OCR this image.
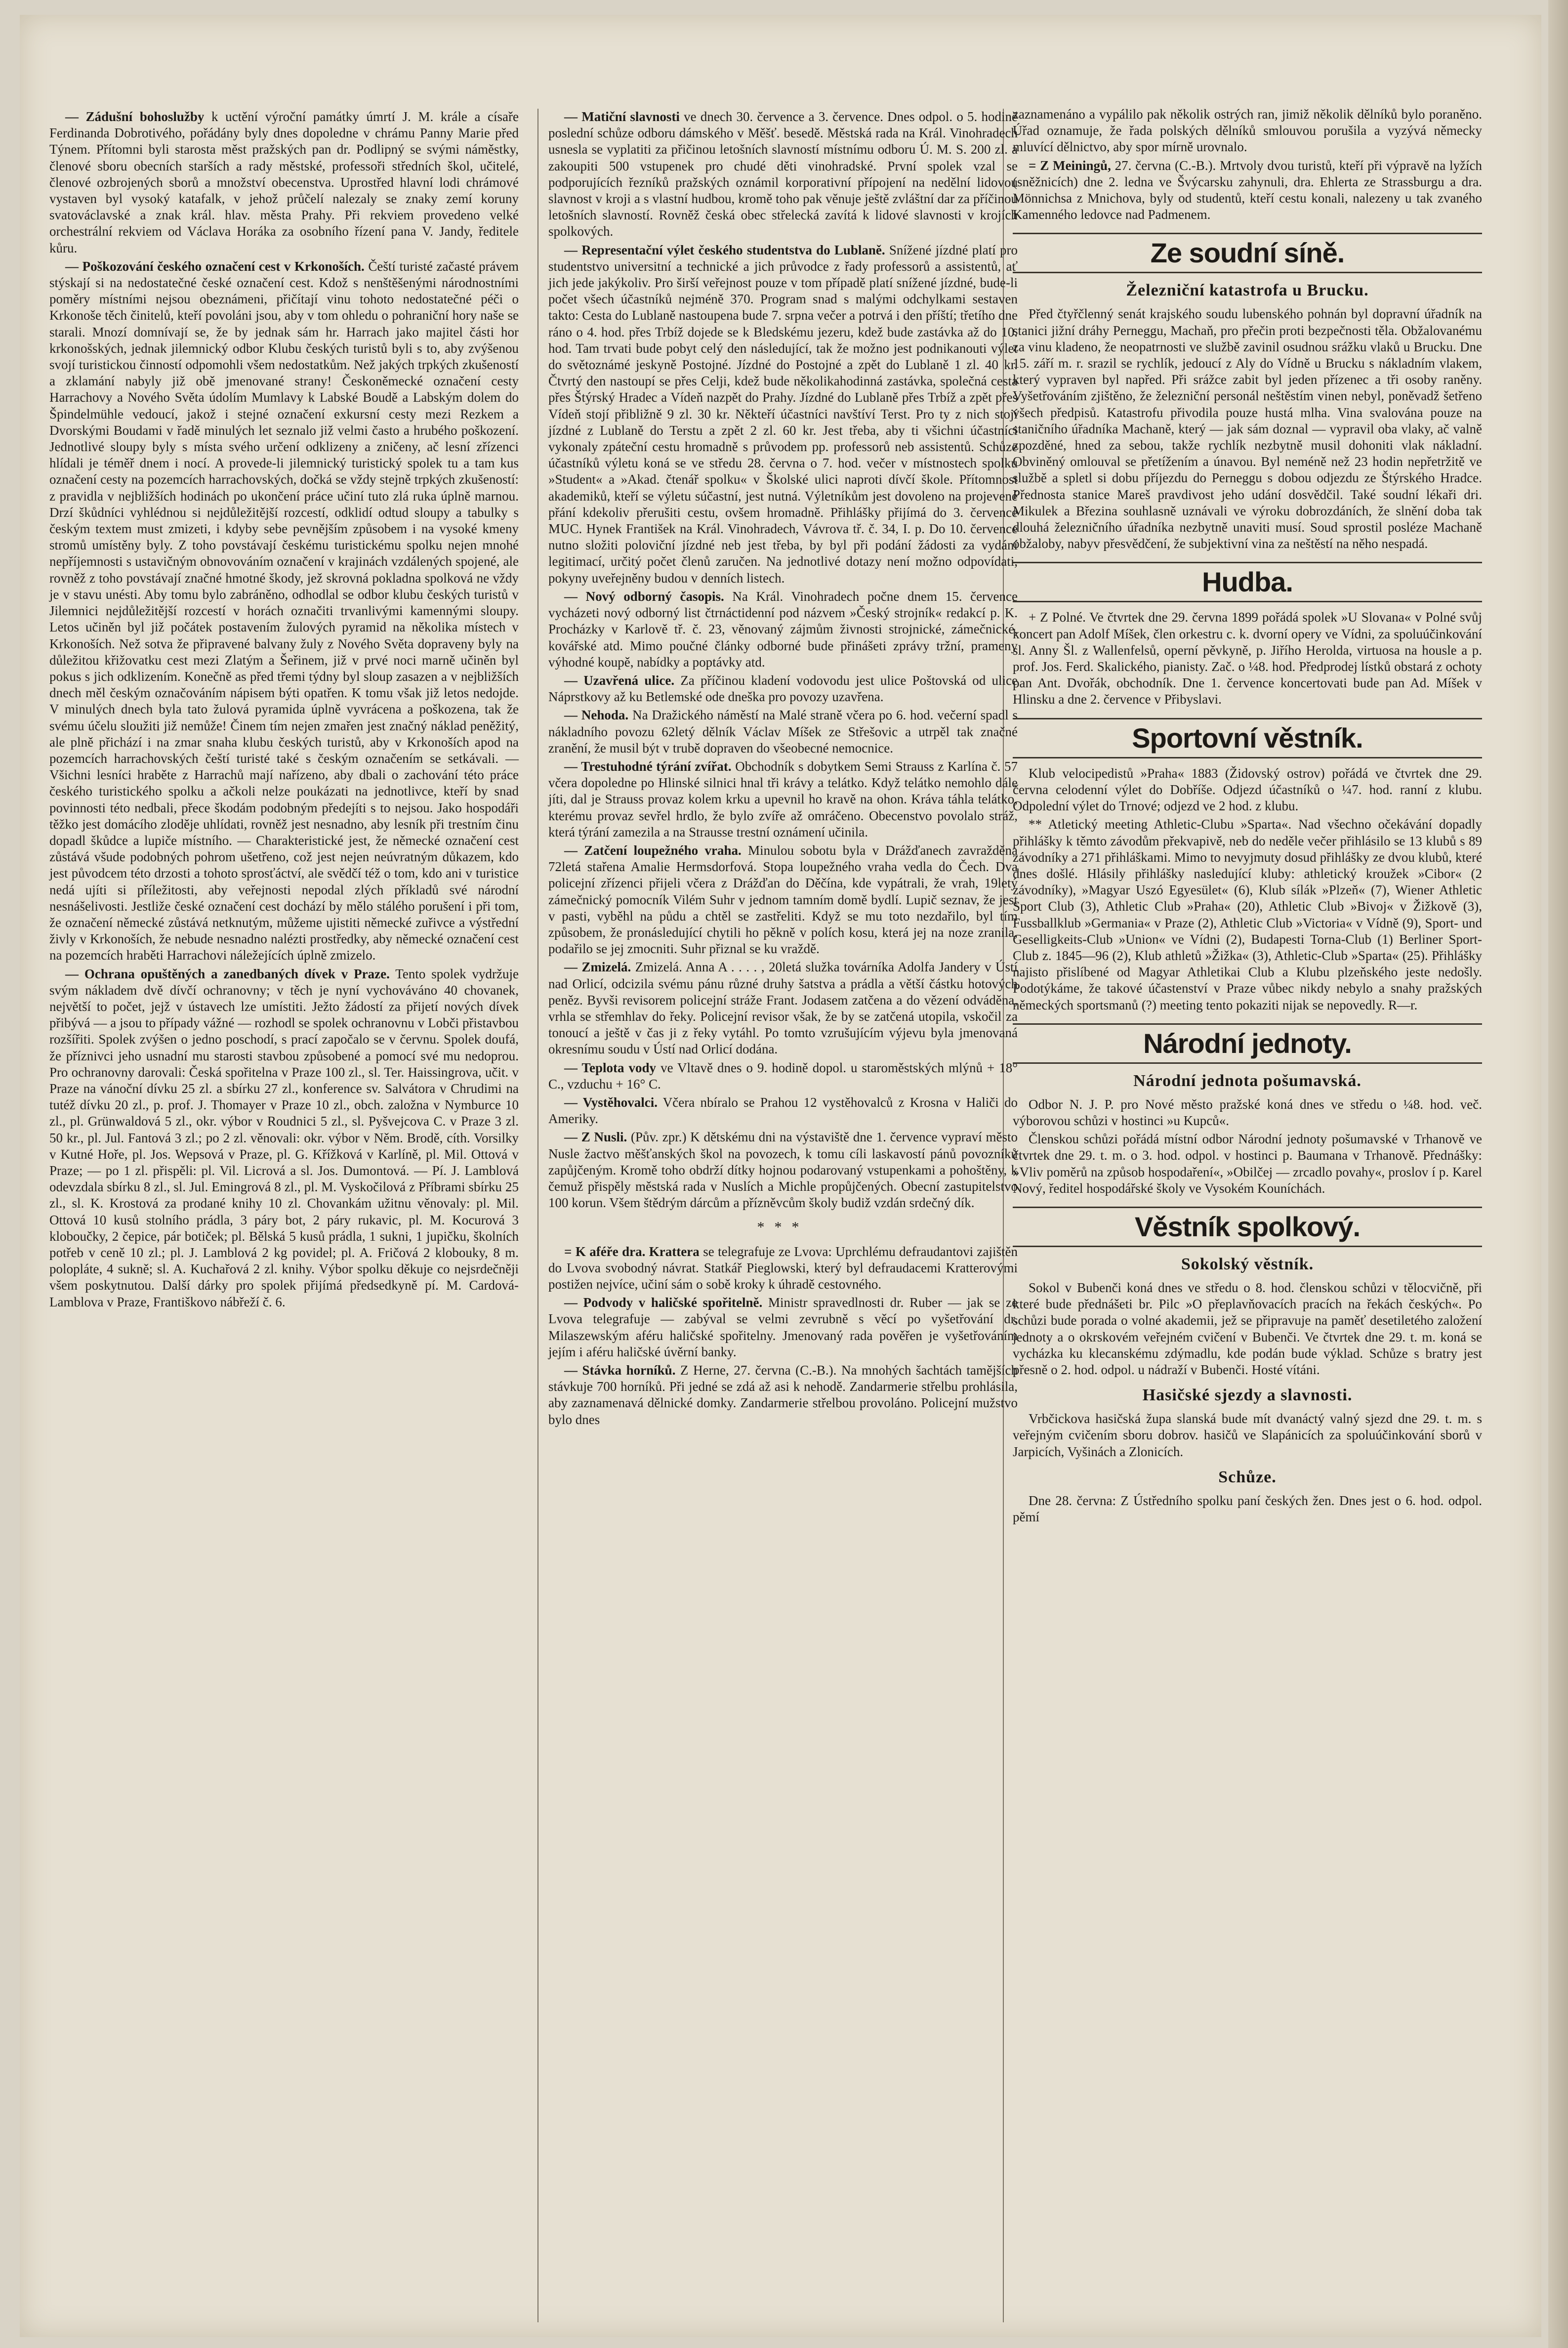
— Zádušní bohoslužby k uctění výroční památky úmrtí J. M. krále a císaře Ferdinanda Dobrotivého, pořádány byly dnes dopoledne v chrámu Panny Marie před Týnem. Přítomni byli starosta měst pražských pan dr. Podlipný se svými náměstky, členové sboru obecních starších a rady městské, professoři středních škol, učitelé, členové ozbrojených sborů a množství obecenstva. Uprostřed hlavní lodi chrámové vystaven byl vysoký katafalk, v jehož průčelí nalezaly se znaky zemí koruny svatováclavské a znak král. hlav. města Prahy. Při rekviem provedeno velké orchestrální rekviem od Václava Horáka za osobního řízení pana V. Jandy, ředitele kůru.

— Poškozování českého označení cest v Krkonoších. Čeští turisté začasté právem stýskají si na nedostatečné české označení cest. Kdož s nenštěšenými národnostními poměry místními nejsou obeznámeni, přičítají vinu tohoto nedostatečné péči o Krkonoše těch činitelů, kteří povoláni jsou, aby v tom ohledu o pohraniční hory naše se starali. Mnozí domnívají se, že by jednak sám hr. Harrach jako majitel části hor krkonošských, jednak jilemnický odbor Klubu českých turistů byli s to, aby zvýšenou svojí turistickou činností odpomohli všem nedostatkům. Než jakých trpkých zkušeností a zklamání nabyly již obě jmenované strany! Českoněmecké označení cesty Harrachovy a Nového Světa údolím Mumlavy k Labské Boudě a Labským dolem do Špindelmühle vedoucí, jakož i stejné označení exkursní cesty mezi Rezkem a Dvorskými Boudami v řadě minulých let seznalo již velmi často a hrubého poškození. Jednotlivé sloupy byly s místa svého určení odklizeny a zničeny, ač lesní zřízenci hlídali je téměř dnem i nocí. A provede-li jilemnický turistický spolek tu a tam kus označení cesty na pozemcích harrachovských, dočká se vždy stejně trpkých zkušeností: z pravidla v nejbližších hodinách po ukončení práce učiní tuto zlá ruka úplně marnou. Drzí škůdníci vyhlédnou si nejdůležitější rozcestí, odklidí odtud sloupy a tabulky s českým textem must zmizeti, i kdyby sebe pevnějším způsobem i na vysoké kmeny stromů umístěny byly. Z toho povstávají českému turistickému spolku nejen mnohé nepříjemnosti s ustavičným obnovováním označení v krajinách vzdálených spojené, ale rovněž z toho povstávají značné hmotné škody, jež skrovná pokladna spolková ne vždy je v stavu unésti. Aby tomu bylo zabráněno, odhodlal se odbor klubu českých turistů v Jilemnici nejdůležitější rozcestí v horách označiti trvanlivými kamennými sloupy. Letos učiněn byl již počátek postavením žulových pyramid na několika místech v Krkonoších. Než sotva že připravené balvany žuly z Nového Světa dopraveny byly na důležitou křižovatku cest mezi Zlatým a Šeřinem, již v prvé noci marně učiněn byl pokus s jich odklizením. Konečně as před třemi týdny byl sloup zasazen a v nejbližších dnech měl českým označováním nápisem býti opatřen. K tomu však již letos nedojde. V minulých dnech byla tato žulová pyramida úplně vyvrácena a poškozena, tak že svému účelu sloužiti již nemůže! Činem tím nejen zmařen jest značný náklad peněžitý, ale plně přichází i na zmar snaha klubu českých turistů, aby v Krkonoších apod na pozemcích harrachovských čeští turisté také s českým označením se setkávali. — Všichni lesníci hraběte z Harrachů mají nařízeno, aby dbali o zachování této práce českého turistického spolku a ačkoli nelze poukázati na jednotlivce, kteří by snad povinnosti této nedbali, přece škodám podobným předejíti s to nejsou. Jako hospodáři těžko jest domácího zloděje uhlídati, rovněž jest nesnadno, aby lesník při trestním činu dopadl škůdce a lupiče místního. — Charakteristické jest, že německé označení cest zůstává všude podobných pohrom ušetřeno, což jest nejen neúvratným důkazem, kdo jest původcem této drzosti a tohoto sprosťáctví, ale svědčí též o tom, kdo ani v turistice nedá ujíti si příležitosti, aby veřejnosti nepodal zlých příkladů své národní nesnášelivosti. Jestliže české označení cest dochází by mělo stálého porušení i při tom, že označení německé zůstává netknutým, můžeme ujistiti německé zuřivce a výstřední živly v Krkonoších, že nebude nesnadno nalézti prostředky, aby německé označení cest na pozemcích hraběti Harrachovi náležejících úplně zmizelo.

— Ochrana opuštěných a zanedbaných dívek v Praze. Tento spolek vydržuje svým nákladem dvě dívčí ochranovny; v těch je nyní vychováváno 40 chovanek, největší to počet, jejž v ústavech lze umístiti. Ježto žádostí za přijetí nových dívek přibývá — a jsou to případy vážné — rozhodl se spolek ochranovnu v Lobči přistavbou rozšířiti. Spolek zvýšen o jedno poschodí, s prací započalo se v červnu. Spolek doufá, že příznivci jeho usnadní mu starosti stavbou způsobené a pomocí své mu nedoprou. Pro ochranovny darovali: Česká spořitelna v Praze 100 zl., sl. Ter. Haissingrova, učit. v Praze na vánoční dívku 25 zl. a sbírku 27 zl., konference sv. Salvátora v Chrudimi na tutéž dívku 20 zl., p. prof. J. Thomayer v Praze 10 zl., obch. založna v Nymburce 10 zl., pl. Grünwaldová 5 zl., okr. výbor v Roudnici 5 zl., sl. Pyšvejcova C. v Praze 3 zl. 50 kr., pl. Jul. Fantová 3 zl.; po 2 zl. věnovali: okr. výbor v Něm. Brodě, cíth. Vorsilky v Kutné Hoře, pl. Jos. Wepsová v Praze, pl. G. Křížková v Karlíně, pl. Mil. Ottová v Praze; — po 1 zl. přispěli: pl. Vil. Licrová a sl. Jos. Dumontová. — Pí. J. Lamblová odevzdala sbírku 8 zl., sl. Jul. Emingrová 8 zl., pl. M. Vyskočilová z Příbrami sbírku 25 zl., sl. K. Krostová za prodané knihy 10 zl. Chovankám užitnu věnovaly: pl. Mil. Ottová 10 kusů stolního prádla, 3 páry bot, 2 páry rukavic, pl. M. Kocurová 3 kloboučky, 2 čepice, pár botiček; pl. Bělská 5 kusů prádla, 1 sukni, 1 jupičku, školních potřeb v ceně 10 zl.; pl. J. Lamblová 2 kg povidel; pl. A. Fričová 2 klobouky, 8 m. polopláte, 4 sukně; sl. A. Kuchařová 2 zl. knihy. Výbor spolku děkuje co nejsrdečněji všem poskytnutou. Další dárky pro spolek přijímá předsedkyně pí. M. Cardová-Lamblova v Praze, Františkovo nábřeží č. 6.

— Matiční slavnosti ve dnech 30. července a 3. července. Dnes odpol. o 5. hodině poslední schůze odboru dámského v Měšť. besedě. Městská rada na Král. Vinohradech usnesla se vyplatiti za přičinou letošních slavností místnímu odboru Ú. M. S. 200 zl. a zakoupiti 500 vstupenek pro chudé děti vinohradské. První spolek vzal se podporujících řezníků pražských oznámil korporativní přípojení na nedělní lidovou slavnost v kroji a s vlastní hudbou, kromě toho pak věnuje ještě zvláštní dar za příčinou letošních slavností. Rovněž česká obec střelecká zavítá k lidové slavnosti v krojích spolkových.

— Representační výlet českého studentstva do Lublaně. Snížené jízdné platí pro studentstvo universitní a technické a jich průvodce z řady professorů a assistentů, ať jich jede jakýkoliv. Pro širší veřejnost pouze v tom případě platí snížené jízdné, bude-li počet všech účastníků nejméně 370. Program snad s malými odchylkami sestaven takto: Cesta do Lublaně nastoupena bude 7. srpna večer a potrvá i den příští; třetího dne ráno o 4. hod. přes Trbíž dojede se k Bledskému jezeru, kdež bude zastávka až do 10. hod. Tam trvati bude pobyt celý den následující, tak že možno jest podnikanouti výlet do světoznámé jeskyně Postojné. Jízdné do Postojné a zpět do Lublaně 1 zl. 40 kr. Čtvrtý den nastoupí se přes Celji, kdež bude několikahodinná zastávka, společná cesta přes Štýrský Hradec a Vídeň nazpět do Prahy. Jízdné do Lublaně přes Trbíž a zpět přes Vídeň stojí přibližně 9 zl. 30 kr. Někteří účastníci navštíví Terst. Pro ty z nich stojí jízdné z Lublaně do Terstu a zpět 2 zl. 60 kr. Jest třeba, aby ti všichni účastníci vykonaly zpáteční cestu hromadně s průvodem pp. professorů neb assistentů. Schůze účastníků výletu koná se ve středu 28. června o 7. hod. večer v místnostech spolku »Student« a »Akad. čtenář spolku« v Školské ulici naproti dívčí škole. Přítomnost akademiků, kteří se výletu súčastní, jest nutná. Výletníkům jest dovoleno na projevené přání kdekoliv přerušiti cestu, ovšem hromadně. Přihlášky přijímá do 3. července MUC. Hynek František na Král. Vinohradech, Vávrova tř. č. 34, I. p. Do 10. července nutno složiti poloviční jízdné neb jest třeba, by byl při podání žádosti za vydání legitimací, určitý počet členů zaručen. Na jednotlivé dotazy není možno odpovídati, pokyny uveřejněny budou v denních listech.

— Nový odborný časopis. Na Král. Vinohradech počne dnem 15. července vycházeti nový odborný list čtrnáctidenní pod názvem »Český strojník« redakcí p. K. Procházky v Karlově tř. č. 23, věnovaný zájmům živnosti strojnické, zámečnické, kovářské atd. Mimo poučné články odborné bude přinášeti zprávy tržní, prameny výhodné koupě, nabídky a poptávky atd.

— Uzavřená ulice. Za příčinou kladení vodovodu jest ulice Poštovská od ulice Náprstkovy až ku Betlemské ode dneška pro povozy uzavřena.

— Nehoda. Na Dražického náměstí na Malé straně včera po 6. hod. večerní spadl s nákladního povozu 62letý dělník Václav Míšek ze Střešovic a utrpěl tak značné zranění, že musil být v trubě dopraven do všeobecné nemocnice.

— Trestuhodné týrání zvířat. Obchodník s dobytkem Semi Strauss z Karlína č. 57 včera dopoledne po Hlinské silnici hnal tři krávy a telátko. Když telátko nemohlo dále jíti, dal je Strauss provaz kolem krku a upevnil ho kravě na ohon. Kráva táhla telátko, kterému provaz sevřel hrdlo, že bylo zvíře až omráčeno. Obecenstvo povolalo stráž, která týrání zamezila a na Strausse trestní oznámení učinila.

— Zatčení loupežného vraha. Minulou sobotu byla v Drážďanech zavražděna 72letá stařena Amalie Hermsdorfová. Stopa loupežného vraha vedla do Čech. Dva policejní zřízenci přijeli včera z Drážďan do Děčína, kde vypátrali, že vrah, 19letý zámečnický pomocník Vilém Suhr v jednom tamním domě bydlí. Lupič seznav, že jest v pasti, vyběhl na půdu a chtěl se zastřeliti. Když se mu toto nezdařilo, byl tím způsobem, že pronásledující chytili ho pěkně v polích kosu, která jej na noze zranila, podařilo se jej zmocniti. Suhr přiznal se ku vraždě.

— Zmizelá. Zmizelá. Anna A . . . . , 20letá služka továrníka Adolfa Jandery v Ústí nad Orlicí, odcizila svému pánu různé druhy šatstva a prádla a větší částku hotových peněz. Byvši revisorem policejní stráže Frant. Jodasem zatčena a do vězení odváděna, vrhla se střemhlav do řeky. Policejní revisor však, že by se zatčená utopila, vskočil za tonoucí a ještě v čas ji z řeky vytáhl. Po tomto vzrušujícím výjevu byla jmenovaná okresnímu soudu v Ústí nad Orlicí dodána.

— Teplota vody ve Vltavě dnes o 9. hodině dopol. u staroměstských mlýnů + 18° C., vzduchu + 16° C.

— Vystěhovalci. Včera nbíralo se Prahou 12 vystěhovalců z Krosna v Haliči do Ameriky.

— Z Nusli. (Pův. zpr.) K dětskému dni na výstaviště dne 1. července vypraví město Nusle žactvo měšťanských škol na povozech, k tomu cíli laskavostí pánů povozníků zapůjčeným. Kromě toho obdrží dítky hojnou podarovaný vstupenkami a pohoštěny, k čemuž přispěly městská rada v Nuslích a Michle propůjčených. Obecní zastupitelstvo 100 korun. Všem štědrým dárcům a přízněvcům školy budiž vzdán srdečný dík.

***

= K aféře dra. Krattera se telegrafuje ze Lvova: Uprchlému defraudantovi zajištěn do Lvova svobodný návrat. Statkář Pieglowski, který byl defraudacemi Kratterovými postižen nejvíce, učiní sám o sobě kroky k úhradě cestovného.

— Podvody v haličské spořitelně. Ministr spravedlnosti dr. Ruber — jak se ze Lvova telegrafuje — zabýval se velmi zevrubně s věcí po vyšetřování dr. Milaszewským aféru haličské spořitelny. Jmenovaný rada pověřen je vyšetřováním jejím i aféru haličské úvěrní banky.

— Stávka horníků. Z Herne, 27. června (C.-B.). Na mnohých šachtách tamějších stávkuje 700 horníků. Při jedné se zdá až asi k nehodě. Zandarmerie střelbu prohlásila, aby zaznamenavá dělnické domky. Zandarmerie střelbou provoláno. Policejní mužstvo bylo dnes

zaznamenáno a vypálilo pak několik ostrých ran, jimiž několik dělníků bylo poraněno. Úřad oznamuje, že řada polských dělníků smlouvou porušila a vyzývá německy mluvící dělnictvo, aby spor mírně urovnalo.

= Z Meiningů, 27. června (C.-B.). Mrtvoly dvou turistů, kteří při výpravě na lyžích (sněžnicích) dne 2. ledna ve Švýcarsku zahynuli, dra. Ehlerta ze Strassburgu a dra. Mönnichsa z Mnichova, byly od studentů, kteří cestu konali, nalezeny u tak zvaného Kamenného ledovce nad Padmenem.

Ze soudní síně.
Železniční katastrofa u Brucku.

Před čtyřčlenný senát krajského soudu lubenského pohnán byl dopravní úřadník na stanici jižní dráhy Perneggu, Machaň, pro přečin proti bezpečnosti těla. Obžalovanému za vinu kladeno, že neopatrnosti ve službě zavinil osudnou srážku vlaků u Brucku. Dne 15. září m. r. srazil se rychlík, jedoucí z Aly do Vídně u Brucku s nákladním vlakem, který vypraven byl napřed. Při srážce zabit byl jeden přízenec a tři osoby raněny. Vyšetřováním zjištěno, že železniční personál neštěstím vinen nebyl, poněvadž šetřeno všech předpisů. Katastrofu přivodila pouze hustá mlha. Vina svalována pouze na staničního úřadníka Machaně, který — jak sám doznal — vypravil oba vlaky, ač valně zpozděné, hned za sebou, takže rychlík nezbytně musil dohoniti vlak nákladní. Obviněný omlouval se přetížením a únavou. Byl neméně než 23 hodin nepřetržitě ve službě a spletl si dobu příjezdu do Perneggu s dobou odjezdu ze Štýrského Hradce. Přednosta stanice Mareš pravdivost jeho udání dosvědčil. Také soudní lékaři dri. Mikulek a Březina souhlasně uznávali ve výroku dobrozdáních, že slnění doba tak dlouhá železničního úřadníka nezbytně unaviti musí. Soud sprostil posléze Machaně obžaloby, nabyv přesvědčení, že subjektivní vina za neštěstí na něho nespadá.

Hudba.

+ Z Polné. Ve čtvrtek dne 29. června 1899 pořádá spolek »U Slovana« v Polné svůj koncert pan Adolf Míšek, člen orkestru c. k. dvorní opery ve Vídni, za spoluúčinkování sl. Anny Šl. z Wallenfelsů, operní pěvkyně, p. Jiřího Herolda, virtuosa na housle a p. prof. Jos. Ferd. Skalického, pianisty. Zač. o ¼8. hod. Předprodej lístků obstará z ochoty pan Ant. Dvořák, obchodník. Dne 1. července koncertovati bude pan Ad. Míšek v Hlinsku a dne 2. července v Přibyslavi.

Sportovní věstník.

Klub velocipedistů »Praha« 1883 (Židovský ostrov) pořádá ve čtvrtek dne 29. června celodenní výlet do Dobříše. Odjezd účastníků o ¼7. hod. ranní z klubu. Odpolední výlet do Trnové; odjezd ve 2 hod. z klubu.

** Atletický meeting Athletic-Clubu »Sparta«. Nad všechno očekávání dopadly přihlášky k těmto závodům překvapivě, neb do neděle večer přihlásilo se 13 klubů s 89 závodníky a 271 přihláškami. Mimo to nevyjmuty dosud přihlášky ze dvou klubů, které dnes došlé. Hlásily přihlášky nasledující kluby: athletický kroužek »Cibor« (2 závodníky), »Magyar Uszó Egyesület« (6), Klub sílák »Plzeň« (7), Wiener Athletic Sport Club (3), Athletic Club »Praha« (20), Athletic Club »Bivoj« v Žižkově (3), Fussballklub »Germania« v Praze (2), Athletic Club »Victoria« v Vídně (9), Sport- und Geselligkeits-Club »Union« ve Vídni (2), Budapesti Torna-Club (1) Berliner Sport-Club z. 1845—96 (2), Klub athletů »Žižka« (3), Athletic-Club »Sparta« (25). Přihlášky najisto přislíbené od Magyar Athletikai Club a Klubu plzeňského jeste nedošly. Podotýkáme, že takové účastenství v Praze vůbec nikdy nebylo a snahy pražských německých sportsmanů (?) meeting tento pokaziti nijak se nepovedly. R—r.

Národní jednoty.
Národní jednota pošumavská.

Odbor N. J. P. pro Nové město pražské koná dnes ve středu o ¼8. hod. več. výborovou schůzi v hostinci »u Kupců«.

Členskou schůzi pořádá místní odbor Národní jednoty pošumavské v Trhanově ve čtvrtek dne 29. t. m. o 3. hod. odpol. v hostinci p. Baumana v Trhanově. Přednášky: »Vliv poměrů na způsob hospodaření«, »Obilčej — zrcadlo povahy«, proslov í p. Karel Nový, ředitel hospodářské školy ve Vysokém Kouníchách.

Věstník spolkový.
Sokolský věstník.

Sokol v Bubenči koná dnes ve středu o 8. hod. členskou schůzi v tělocvičně, při které bude přednášeti br. Pilc »O přeplavňovacích pracích na řekách českých«. Po schůzi bude porada o volné akademii, jež se připravuje na paměť desetiletého založení jednoty a o okrskovém veřejném cvičení v Bubenči. Ve čtvrtek dne 29. t. m. koná se vycházka ku klecanskému zdýmadlu, kde podán bude výklad. Schůze s bratry jest přesně o 2. hod. odpol. u nádraží v Bubenči. Hosté vítáni.

Hasičské sjezdy a slavnosti.

Vrbčickova hasičská župa slanská bude mít dvanáctý valný sjezd dne 29. t. m. s veřejným cvičením sboru dobrov. hasičů ve Slapánicích za spoluúčinkování sborů v Jarpicích, Vyšinách a Zlonicích.

Schůze.

Dne 28. června: Z Ústředního spolku paní českých žen. Dnes jest o 6. hod. odpol. pěmí
